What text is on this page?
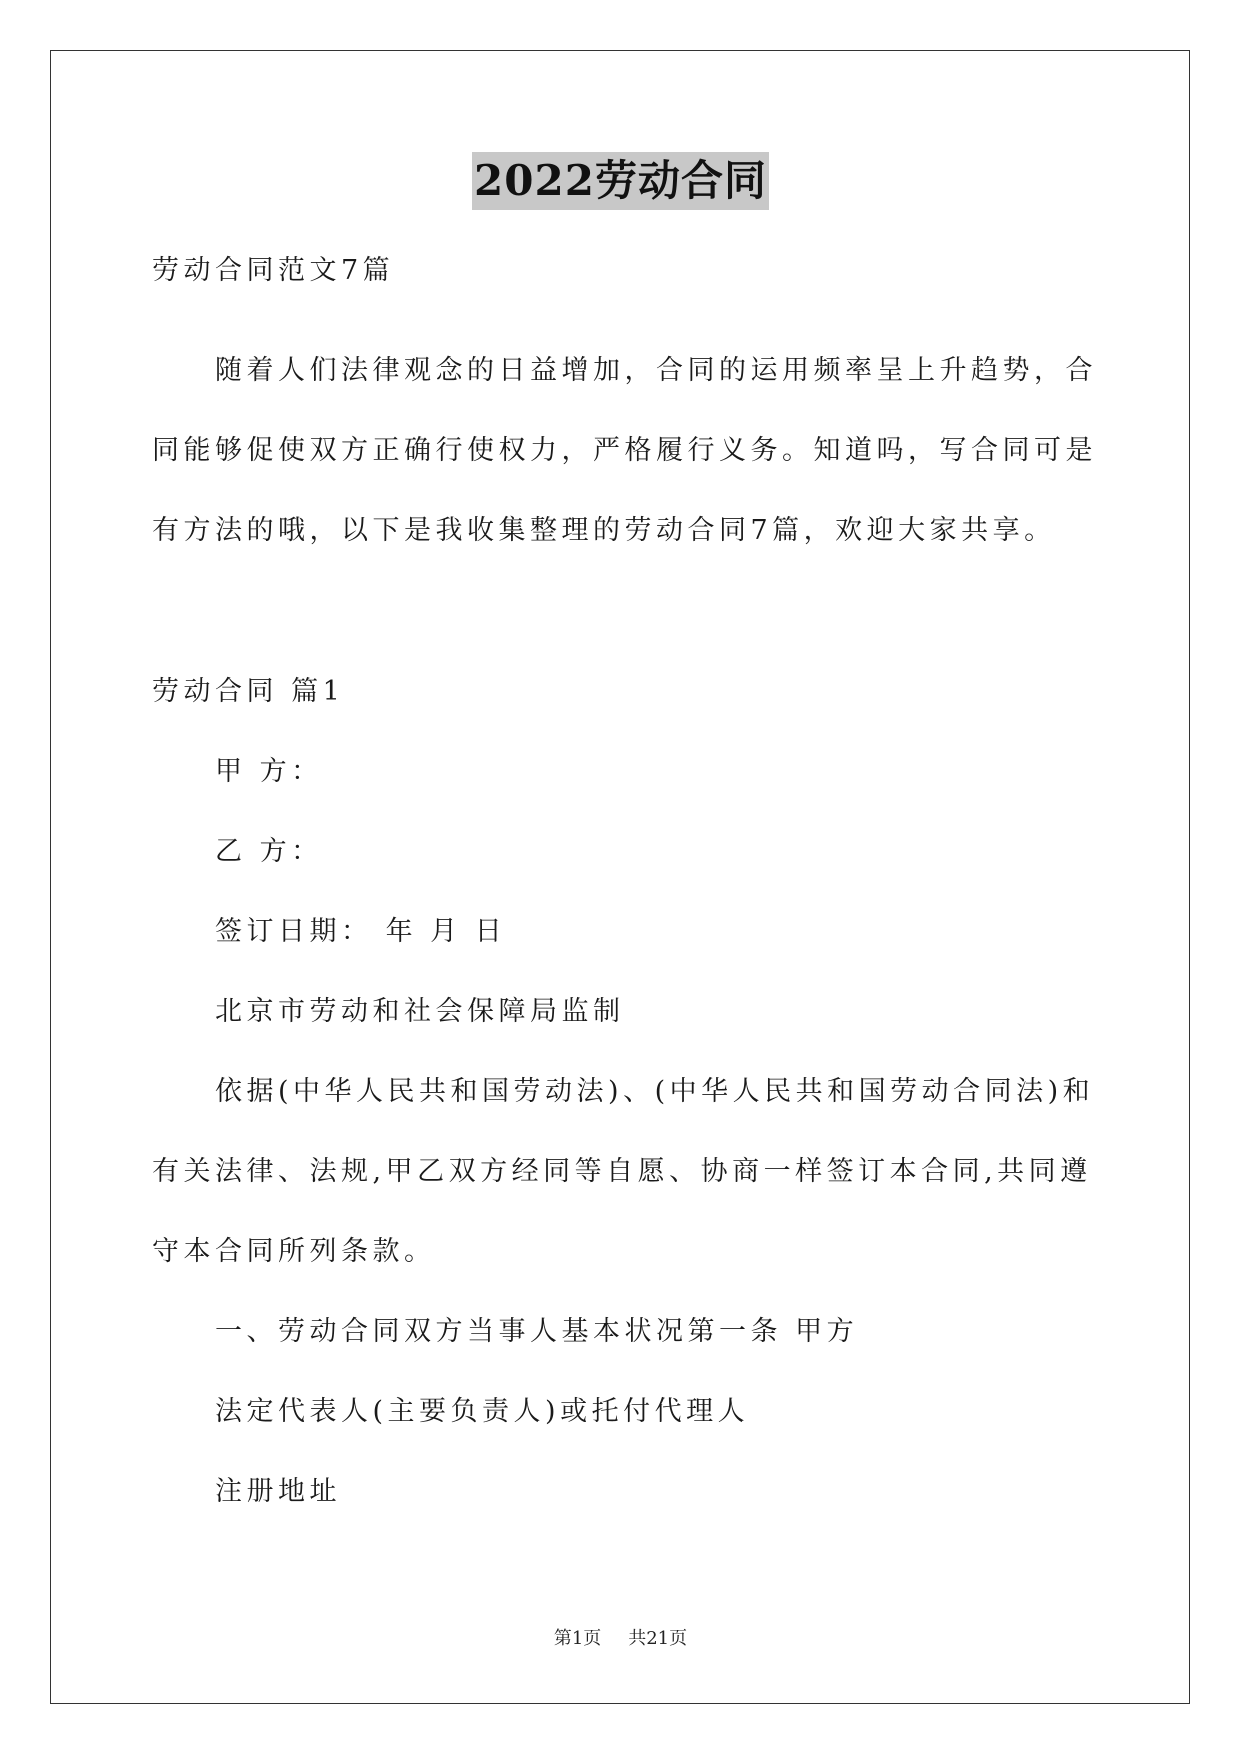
2022劳动合同
劳动合同范文7篇
随着人们法律观念的日益增加，合同的运用频率呈上升趋势，合
同能够促使双方正确行使权力，严格履行义务。知道吗，写合同可是
有方法的哦，以下是我收集整理的劳动合同7篇，欢迎大家共享。
劳动合同 篇1
甲 方：
乙 方：
签订日期： 年 月 日
北京市劳动和社会保障局监制
依据(中华人民共和国劳动法)、(中华人民共和国劳动合同法)和
有关法律、法规,甲乙双方经同等自愿、协商一样签订本合同,共同遵
守本合同所列条款。
一、劳动合同双方当事人基本状况第一条 甲方
法定代表人(主要负责人)或托付代理人
注册地址
第1页 共21页
